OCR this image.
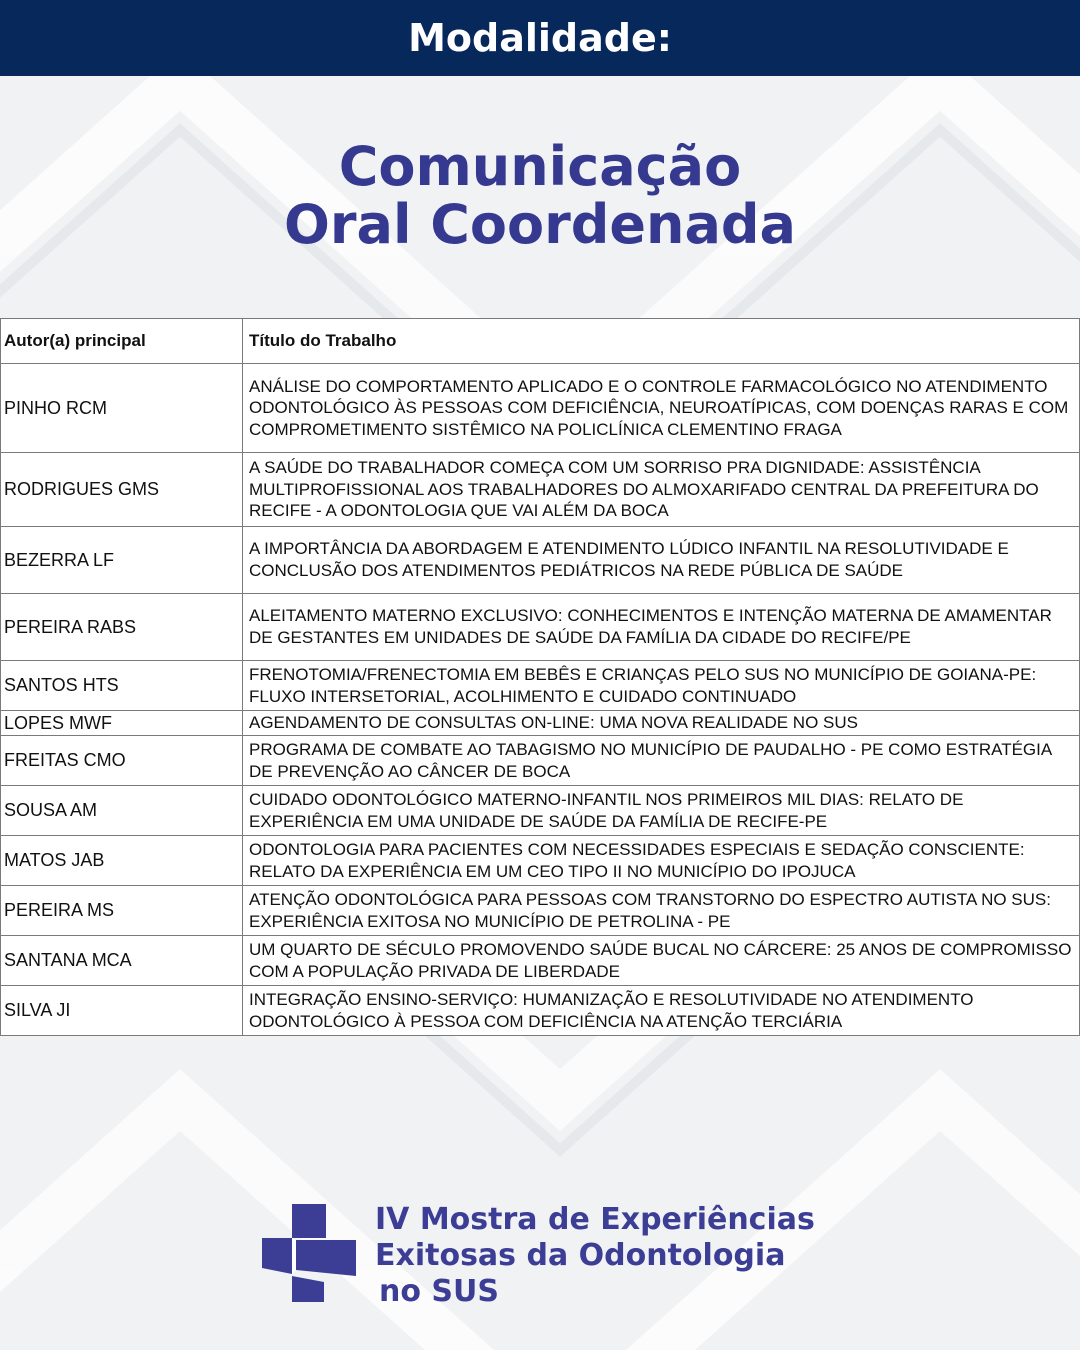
Modalidade:
Comunicação
Oral Coordenada
Autor(a) principal	Título do Trabalho
PINHO RCM	ANÁLISE DO COMPORTAMENTO APLICADO E O CONTROLE FARMACOLÓGICO NO ATENDIMENTO ODONTOLÓGICO ÀS PESSOAS COM DEFICIÊNCIA, NEUROATÍPICAS, COM DOENÇAS RARAS E COM COMPROMETIMENTO SISTÊMICO NA POLICLÍNICA CLEMENTINO FRAGA
RODRIGUES GMS	A SAÚDE DO TRABALHADOR COMEÇA COM UM SORRISO PRA DIGNIDADE: ASSISTÊNCIA MULTIPROFISSIONAL AOS TRABALHADORES DO ALMOXARIFADO CENTRAL DA PREFEITURA DO RECIFE - A ODONTOLOGIA QUE VAI ALÉM DA BOCA
BEZERRA LF	A IMPORTÂNCIA DA ABORDAGEM E ATENDIMENTO LÚDICO INFANTIL NA RESOLUTIVIDADE E CONCLUSÃO DOS ATENDIMENTOS PEDIÁTRICOS NA REDE PÚBLICA DE SAÚDE
PEREIRA RABS	ALEITAMENTO MATERNO EXCLUSIVO: CONHECIMENTOS E INTENÇÃO MATERNA DE AMAMENTAR DE GESTANTES EM UNIDADES DE SAÚDE DA FAMÍLIA DA CIDADE DO RECIFE/PE
SANTOS HTS	FRENOTOMIA/FRENECTOMIA EM BEBÊS E CRIANÇAS PELO SUS NO MUNICÍPIO DE GOIANA-PE: FLUXO INTERSETORIAL, ACOLHIMENTO E CUIDADO CONTINUADO
LOPES MWF	AGENDAMENTO DE CONSULTAS ON-LINE: UMA NOVA REALIDADE NO SUS
FREITAS CMO	PROGRAMA DE COMBATE AO TABAGISMO NO MUNICÍPIO DE PAUDALHO - PE COMO ESTRATÉGIA DE PREVENÇÃO AO CÂNCER DE BOCA
SOUSA AM	CUIDADO ODONTOLÓGICO MATERNO-INFANTIL NOS PRIMEIROS MIL DIAS: RELATO DE EXPERIÊNCIA EM UMA UNIDADE DE SAÚDE DA FAMÍLIA DE RECIFE-PE
MATOS JAB	ODONTOLOGIA PARA PACIENTES COM NECESSIDADES ESPECIAIS E SEDAÇÃO CONSCIENTE: RELATO DA EXPERIÊNCIA EM UM CEO TIPO II NO MUNICÍPIO DO IPOJUCA
PEREIRA MS	ATENÇÃO ODONTOLÓGICA PARA PESSOAS COM TRANSTORNO DO ESPECTRO AUTISTA NO SUS: EXPERIÊNCIA EXITOSA NO MUNICÍPIO DE PETROLINA - PE
SANTANA MCA	UM QUARTO DE SÉCULO PROMOVENDO SAÚDE BUCAL NO CÁRCERE: 25 ANOS DE COMPROMISSO COM A POPULAÇÃO PRIVADA DE LIBERDADE
SILVA JI	INTEGRAÇÃO ENSINO-SERVIÇO: HUMANIZAÇÃO E RESOLUTIVIDADE NO ATENDIMENTO ODONTOLÓGICO À PESSOA COM DEFICIÊNCIA NA ATENÇÃO TERCIÁRIA
IV Mostra de Experiências
Exitosas da Odontologia
no SUS
